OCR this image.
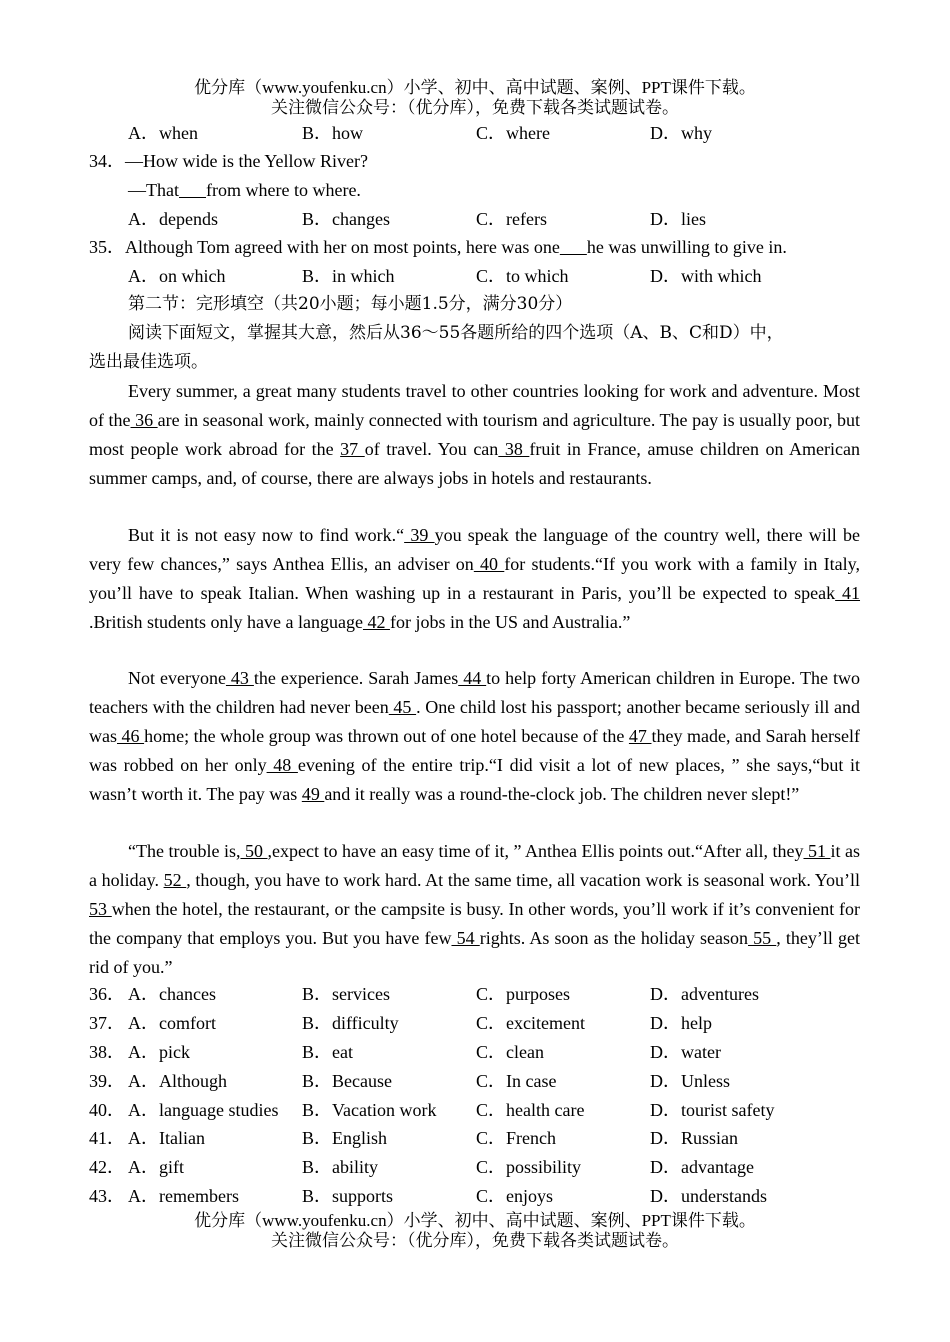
优分库（www.youfenku.cn）小学、初中、高中试题、案例、PPT课件下载。
关注微信公众号：（优分库），免费下载各类试题试卷。
A．when	B．how	C．where	D．why
34．—How wide is the Yellow River?
—That from where to where.
A．depends	B．changes	C．refers	D．lies
35．Although Tom agreed with her on most points, here was one he was unwilling to give in.
A．on which	B．in which	C．to which	D．with which
第二节：完形填空（共20小题；每小题1.5分，满分30分）
阅读下面短文，掌握其大意，然后从36～55各题所给的四个选项（A、B、C和D）中，
选出最佳选项。

Every summer, a great many students travel to other countries looking for work and adventure. Most of the 36 are in seasonal work, mainly connected with tourism and agriculture. The pay is usually poor, but most people work abroad for the 37 of travel. You can 38 fruit in France, amuse children on American summer camps, and, of course, there are always jobs in hotels and restaurants.

But it is not easy now to find work.“ 39 you speak the language of the country well, there will be very few chances,” says Anthea Ellis, an adviser on 40 for students.“If you work with a family in Italy, you’ll have to speak Italian. When washing up in a restaurant in Paris, you’ll be expected to speak 41 .British students only have a language 42 for jobs in the US and Australia.”

Not everyone 43 the experience. Sarah James 44 to help forty American children in Europe. The two teachers with the children had never been 45 . One child lost his passport; another became seriously ill and was 46 home; the whole group was thrown out of one hotel because of the 47 they made, and Sarah herself was robbed on her only 48 evening of the entire trip.“I did visit a lot of new places, ” she says,“but it wasn’t worth it. The pay was 49 and it really was a round-the-clock job. The children never slept!”

“The trouble is, 50 ,expect to have an easy time of it, ” Anthea Ellis points out.“After all, they 51 it as a holiday. 52 , though, you have to work hard. At the same time, all vacation work is seasonal work. You’ll 53 when the hotel, the restaurant, or the campsite is busy. In other words, you’ll work if it’s convenient for the company that employs you. But you have few 54 rights. As soon as the holiday season 55 , they’ll get rid of you.”

36． A．chances	B．services	C．purposes	D．adventures
37． A．comfort	B．difficulty	C．excitement	D．help
38． A．pick	B．eat	C．clean	D．water
39． A．Although	B．Because	C．In case	D．Unless
40． A．language studies B．Vacation work C．health care	D．tourist safety
41． A．Italian	B．English	C．French	D．Russian
42． A．gift	B．ability	C．possibility	D．advantage
43． A．remembers	B．supports	C．enjoys	D．understands
优分库（www.youfenku.cn）小学、初中、高中试题、案例、PPT课件下载。
关注微信公众号：（优分库），免费下载各类试题试卷。
